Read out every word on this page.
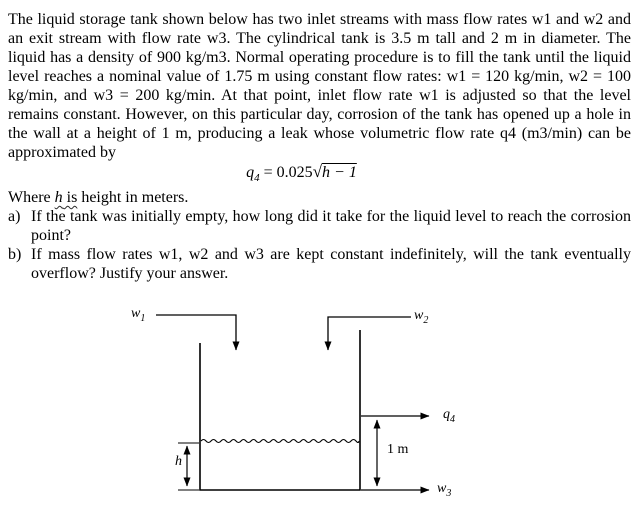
The liquid storage tank shown below has two inlet streams with mass flow rates w1 and w2 and an exit stream with flow rate w3. The cylindrical tank is 3.5 m tall and 2 m in diameter. The liquid has a density of 900 kg/m3. Normal operating procedure is to fill the tank until the liquid level reaches a nominal value of 1.75 m using constant flow rates: w1 = 120 kg/min, w2 = 100 kg/min, and w3 = 200 kg/min. At that point, inlet flow rate w1 is adjusted so that the level remains constant. However, on this particular day, corrosion of the tank has opened up a hole in the wall at a height of 1 m, producing a leak whose volumetric flow rate q4 (m3/min) can be approximated by

$q_4 = 0.025√h - 1$

Where h is height in meters.

a) If the tank was initially empty, how long did it take for the liquid level to reach the corrosion point?
b) If mass flow rates w1, w2 and w3 are kept constant indefinitely, will the tank eventually overflow? Justify your answer.
$w_1$	$w_2$
$q_4$
1 m
h
$w_3$
